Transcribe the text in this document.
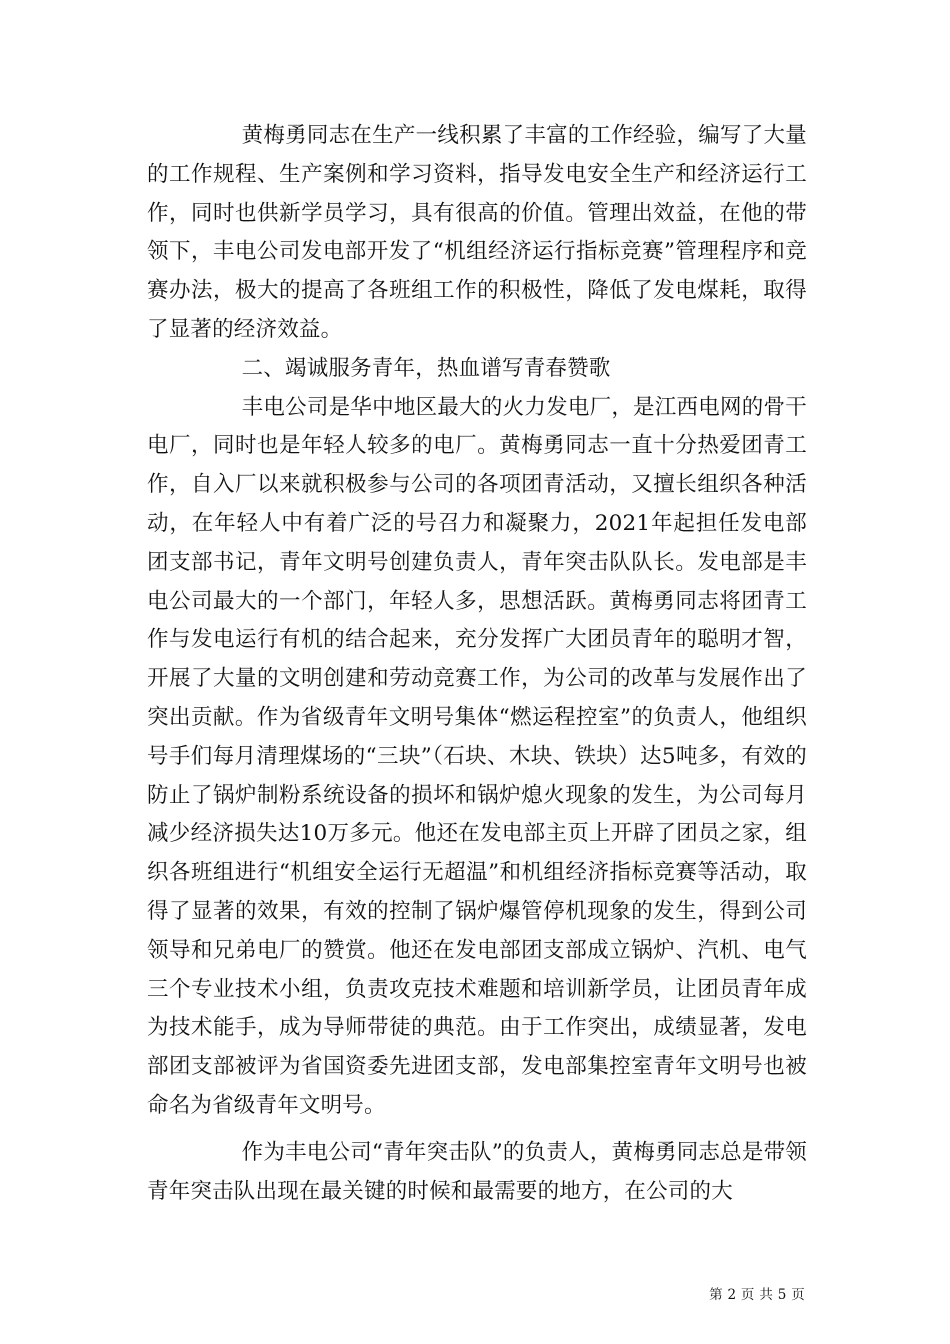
黄梅勇同志在生产一线积累了丰富的工作经验，编写了大量的工作规程、生产案例和学习资料，指导发电安全生产和经济运行工作，同时也供新学员学习，具有很高的价值。管理出效益，在他的带领下，丰电公司发电部开发了“机组经济运行指标竞赛”管理程序和竞赛办法，极大的提高了各班组工作的积极性，降低了发电煤耗，取得了显著的经济效益。

二、竭诚服务青年，热血谱写青春赞歌

丰电公司是华中地区最大的火力发电厂，是江西电网的骨干电厂，同时也是年轻人较多的电厂。黄梅勇同志一直十分热爱团青工作，自入厂以来就积极参与公司的各项团青活动，又擅长组织各种活动，在年轻人中有着广泛的号召力和凝聚力，2021年起担任发电部团支部书记，青年文明号创建负责人，青年突击队队长。发电部是丰电公司最大的一个部门，年轻人多，思想活跃。黄梅勇同志将团青工作与发电运行有机的结合起来，充分发挥广大团员青年的聪明才智，开展了大量的文明创建和劳动竞赛工作，为公司的改革与发展作出了突出贡献。作为省级青年文明号集体“燃运程控室”的负责人，他组织号手们每月清理煤场的“三块”（石块、木块、铁块）达5吨多，有效的防止了锅炉制粉系统设备的损坏和锅炉熄火现象的发生，为公司每月减少经济损失达10万多元。他还在发电部主页上开辟了团员之家，组织各班组进行“机组安全运行无超温”和机组经济指标竞赛等活动，取得了显著的效果，有效的控制了锅炉爆管停机现象的发生，得到公司领导和兄弟电厂的赞赏。他还在发电部团支部成立锅炉、汽机、电气三个专业技术小组，负责攻克技术难题和培训新学员，让团员青年成为技术能手，成为导师带徒的典范。由于工作突出，成绩显著，发电部团支部被评为省国资委先进团支部，发电部集控室青年文明号也被命名为省级青年文明号。

作为丰电公司“青年突击队”的负责人，黄梅勇同志总是带领青年突击队出现在最关键的时候和最需要的地方，在公司的大

第 2 页 共 5 页
